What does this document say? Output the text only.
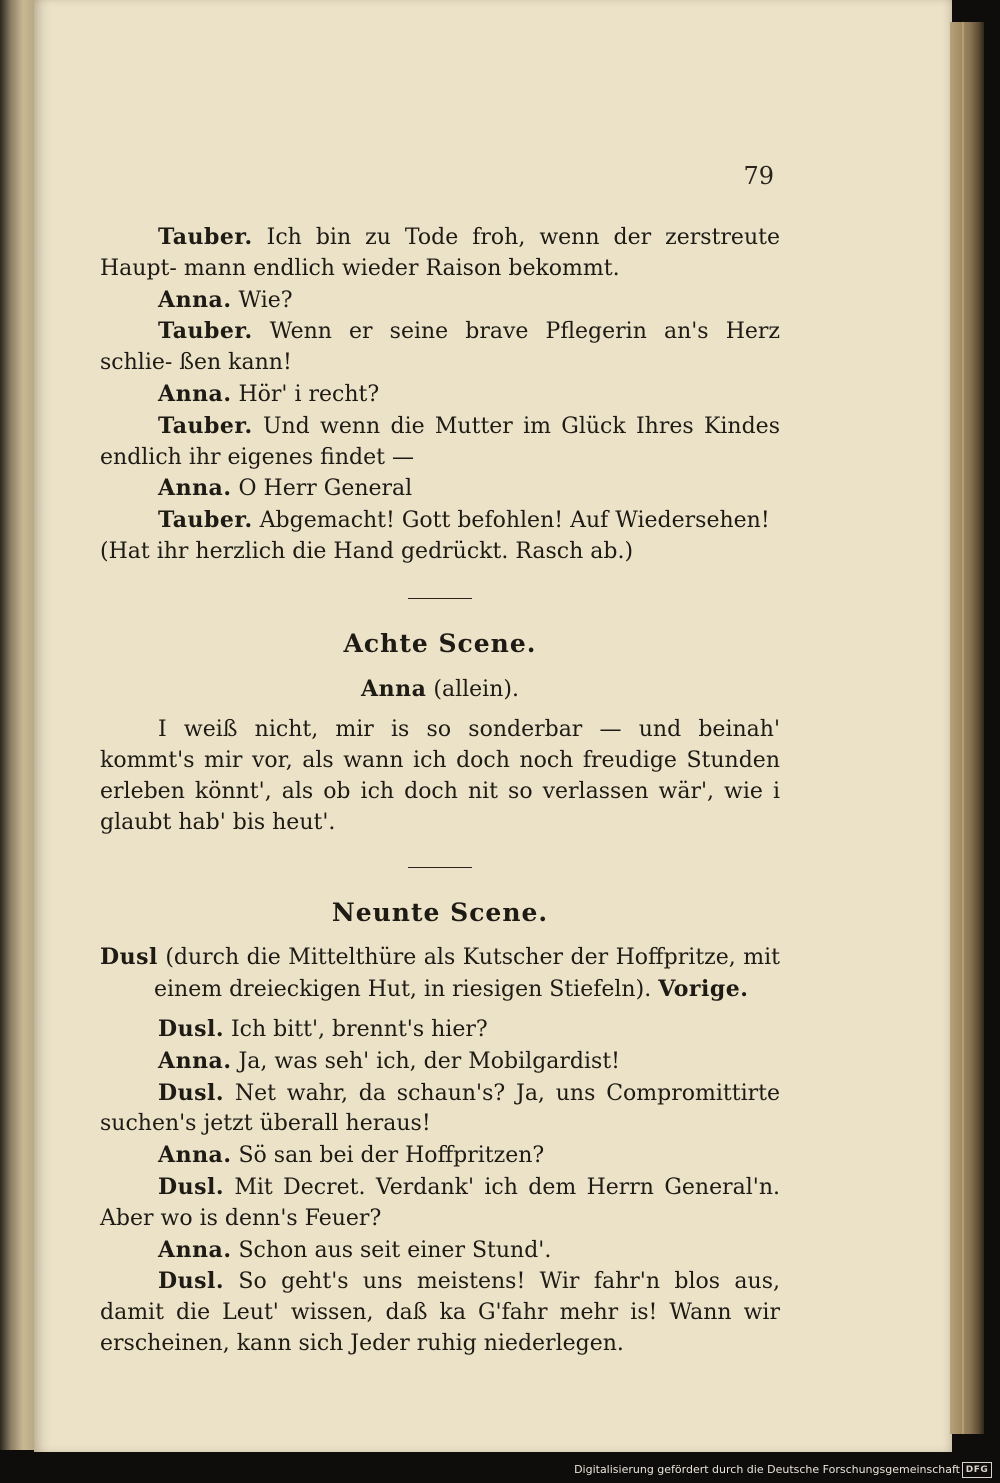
79

Tauber. Ich bin zu Tode froh, wenn der zerstreute Haupt- mann endlich wieder Raison bekommt.

Anna. Wie?

Tauber. Wenn er seine brave Pflegerin an's Herz schlie- ßen kann!

Anna. Hör' i recht?

Tauber. Und wenn die Mutter im Glück Ihres Kindes endlich ihr eigenes findet —

Anna. O Herr General

Tauber. Abgemacht! Gott befohlen! Auf Wiedersehen!

(Hat ihr herzlich die Hand gedrückt. Rasch ab.)

Achte Scene.
Anna (allein).

I weiß nicht, mir is so sonderbar — und beinah' kommt's mir vor, als wann ich doch noch freudige Stunden erleben könnt', als ob ich doch nit so verlassen wär', wie i glaubt hab' bis heut'.

Neunte Scene.

Dusl (durch die Mittelthüre als Kutscher der Hoffpritze, mit einem dreieckigen Hut, in riesigen Stiefeln). Vorige.

Dusl. Ich bitt', brennt's hier?

Anna. Ja, was seh' ich, der Mobilgardist!

Dusl. Net wahr, da schaun's? Ja, uns Compromittirte suchen's jetzt überall heraus!

Anna. Sö san bei der Hoffpritzen?

Dusl. Mit Decret. Verdank' ich dem Herrn General'n. Aber wo is denn's Feuer?

Anna. Schon aus seit einer Stund'.

Dusl. So geht's uns meistens! Wir fahr'n blos aus, damit die Leut' wissen, daß ka G'fahr mehr is! Wann wir erscheinen, kann sich Jeder ruhig niederlegen.

Digitalisierung gefördert durch die Deutsche Forschungsgemeinschaft DFG
